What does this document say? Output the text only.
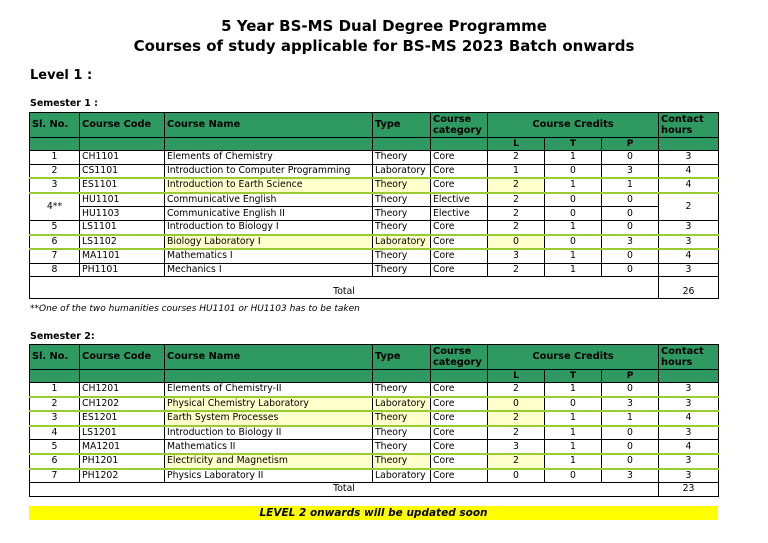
5 Year BS-MS Dual Degree Programme
Courses of study applicable for BS-MS 2023 Batch onwards
Level 1 :
Semester 1 :
Sl. No.	Course Code	Course Name	Type	Course category	Course Credits			Contact hours
					L	T	P	
1	CH1101	Elements of Chemistry	Theory	Core	2	1	0	3
2	CS1101	Introduction to Computer Programming	Laboratory	Core	1	0	3	4
3	ES1101	Introduction to Earth Science	Theory	Core	2	1	1	4
4**	HU1101	Communicative English	Theory	Elective	2	0	0	2
	HU1103	Communicative English II	Theory	Elective	2	0	0	
5	LS1101	Introduction to Biology I	Theory	Core	2	1	0	3
6	LS1102	Biology Laboratory I	Laboratory	Core	0	0	3	3
7	MA1101	Mathematics I	Theory	Core	3	1	0	4
8	PH1101	Mechanics I	Theory	Core	2	1	0	3

Total								26
**One of the two humanities courses HU1101 or HU1103 has to be taken
Semester 2:
Sl. No.	Course Code	Course Name	Type	Course category	Course Credits			Contact hours
					L	T	P	
1	CH1201	Elements of Chemistry-II	Theory	Core	2	1	0	3
2	CH1202	Physical Chemistry Laboratory	Laboratory	Core	0	0	3	3
3	ES1201	Earth System Processes	Theory	Core	2	1	1	4
4	LS1201	Introduction to Biology II	Theory	Core	2	1	0	3
5	MA1201	Mathematics II	Theory	Core	3	1	0	4
6	PH1201	Electricity and Magnetism	Theory	Core	2	1	0	3
7	PH1202	Physics Laboratory II	Laboratory	Core	0	0	3	3
Total								23
LEVEL 2 onwards will be updated soon
